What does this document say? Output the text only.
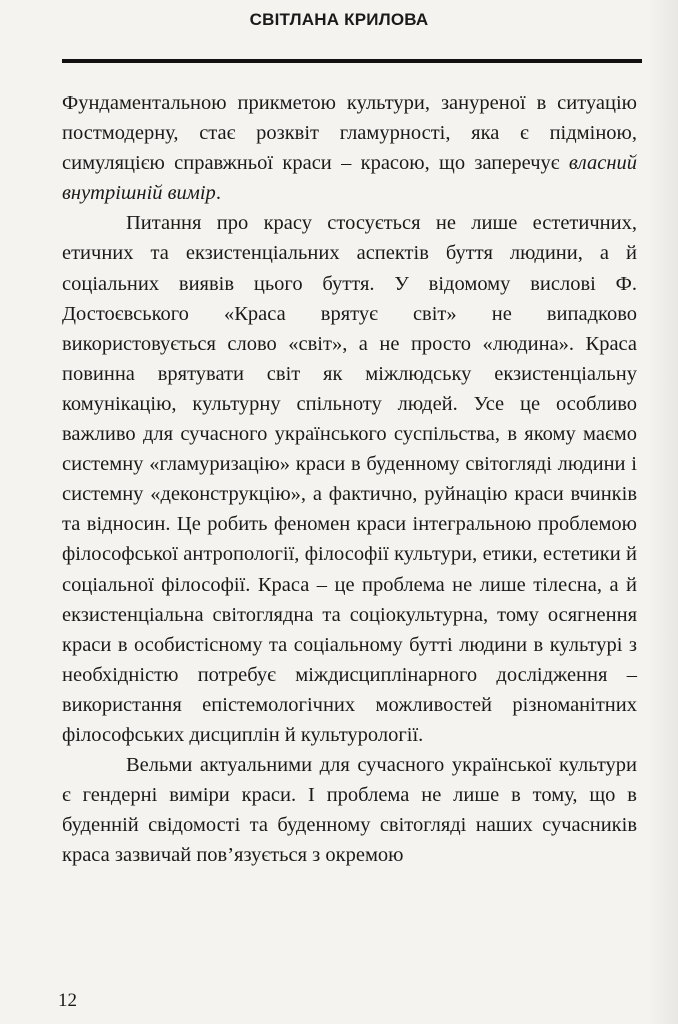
СВІТЛАНА КРИЛОВА

Фундаментальною прикметою культури, зануреної в ситуацію постмодерну, стає розквіт гламурності, яка є підміною, симуляцією справжньої краси – красою, що заперечує власний внутрішній вимір.

Питання про красу стосується не лише естетичних, етичних та екзистенціальних аспектів буття людини, а й соціальних виявів цього буття. У відомому вислові Ф. Достоєвського «Краса врятує світ» не випадково використовується слово «світ», а не просто «людина». Краса повинна врятувати світ як міжлюдську екзистенціальну комунікацію, культурну спільноту людей. Усе це особливо важливо для сучасного українського суспільства, в якому маємо системну «гламуризацію» краси в буденному світогляді людини і системну «деконструкцію», а фактично, руйнацію краси вчинків та відносин. Це робить феномен краси інтегральною проблемою філософської антропології, філософії культури, етики, естетики й соціальної філософії. Краса – це проблема не лише тілесна, а й екзистенціальна світоглядна та соціокультурна, тому осягнення краси в особистісному та соціальному бутті людини в культурі з необхідністю потребує міждисциплінарного дослідження – використання епістемологічних можливостей різноманітних філософських дисциплін й культурології.

Вельми актуальними для сучасного української культури є гендерні виміри краси. І проблема не лише в тому, що в буденній свідомості та буденному світогляді наших сучасників краса зазвичай пов’язується з окремою

12
